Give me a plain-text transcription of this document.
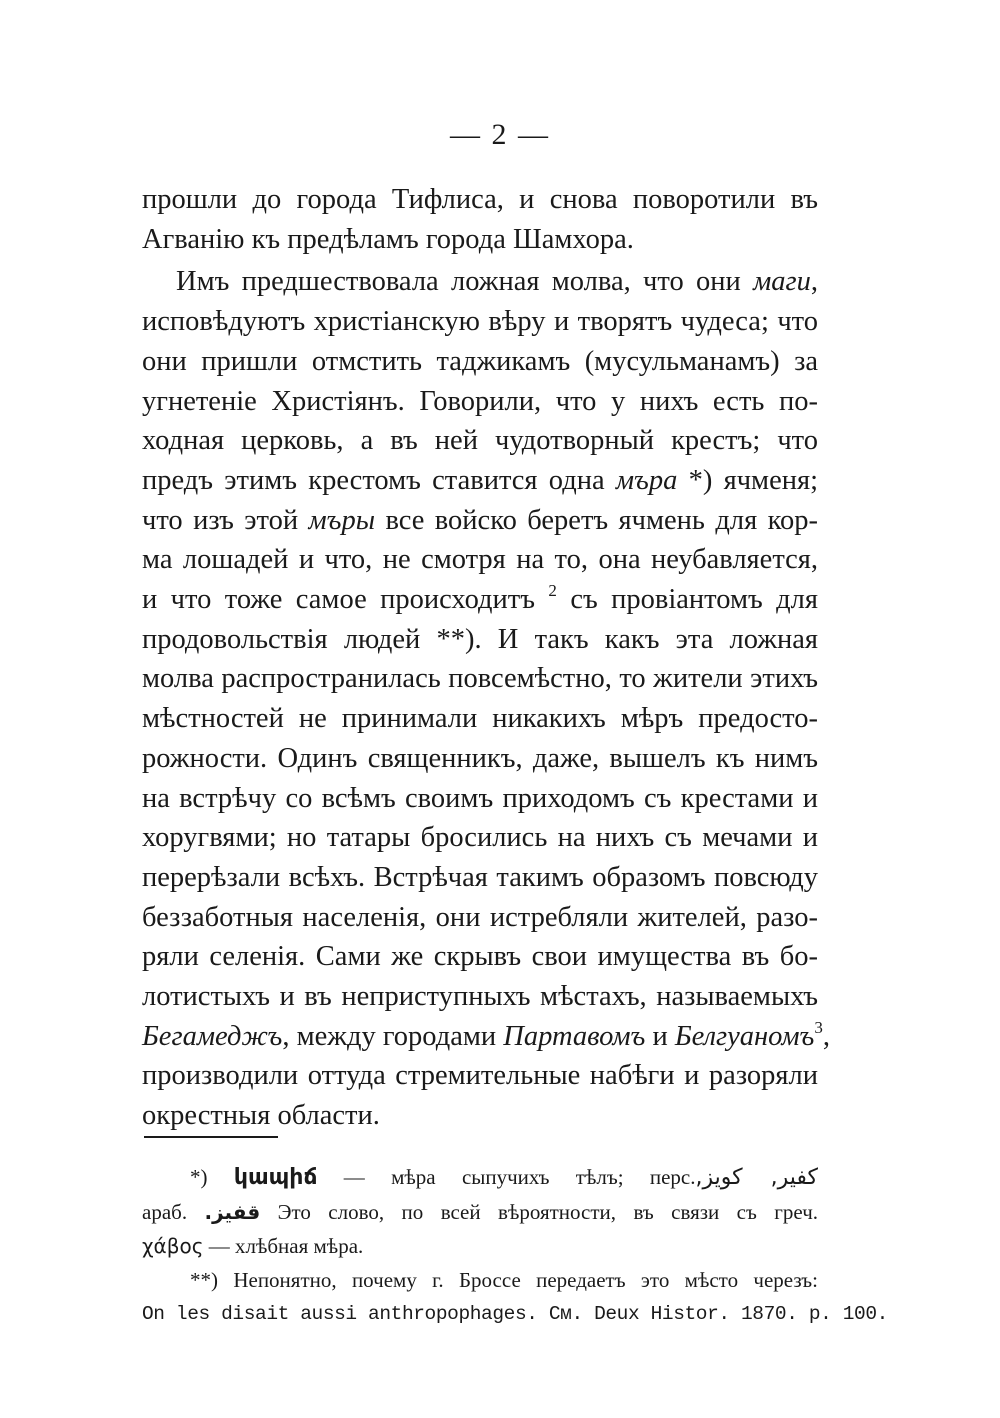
— 2 —
прошли до города Тифлиса, и снова поворотили въ
Агванію къ предѣламъ города Шамхора.
Имъ предшествовала ложная молва, что они маги,
исповѣдуютъ христіанскую вѣру и творятъ чудеса; что
они пришли отмстить таджикамъ (мусульманамъ) за
угнетеніе Христіянъ. Говорили, что у нихъ есть по-
ходная церковь, а въ ней чудотворный крестъ; что
предъ этимъ крестомъ ставится одна мъра *) ячменя;
что изъ этой мъры все войско беретъ ячмень для кор-
ма лошадей и что, не смотря на то, она неубавляется,
и что тоже самое происходитъ $^2$ съ провіантомъ для
продовольствія людей **). И такъ какъ эта ложная
молва распространилась повсемѣстно, то жители этихъ
мѣстностей не принимали никакихъ мѣръ предосто-
рожности. Одинъ священникъ, даже, вышелъ къ нимъ
на встрѣчу со всѣмъ своимъ приходомъ съ крестами и
хоругвями; но татары бросились на нихъ съ мечами и
перерѣзали всѣхъ. Встрѣчая такимъ образомъ повсюду
беззаботныя населенія, они истребляли жителей, разо-
ряли селенія. Сами же скрывъ свои имущества въ бо-
лотистыхъ и въ неприступныхъ мѣстахъ, называемыхъ
Бегамеджъ, между городами Партавомъ и Белгуаномъ$^3$,
производили оттуда стремительные набѣги и разоряли
окрестныя области.
*) կապիճ — мѣра сыпучихъ тѣлъ; перс.کفیر, کویز,
араб. قفیز. Это слово, по всей вѣроятности, въ связи съ греч.
χάβος — хлѣбная мѣра.
**) Непонятно, почему г. Броссе передаетъ это мѣсто черезъ:
On les disait aussi anthropophages. См. Deux Histor. 1870. p. 100.
